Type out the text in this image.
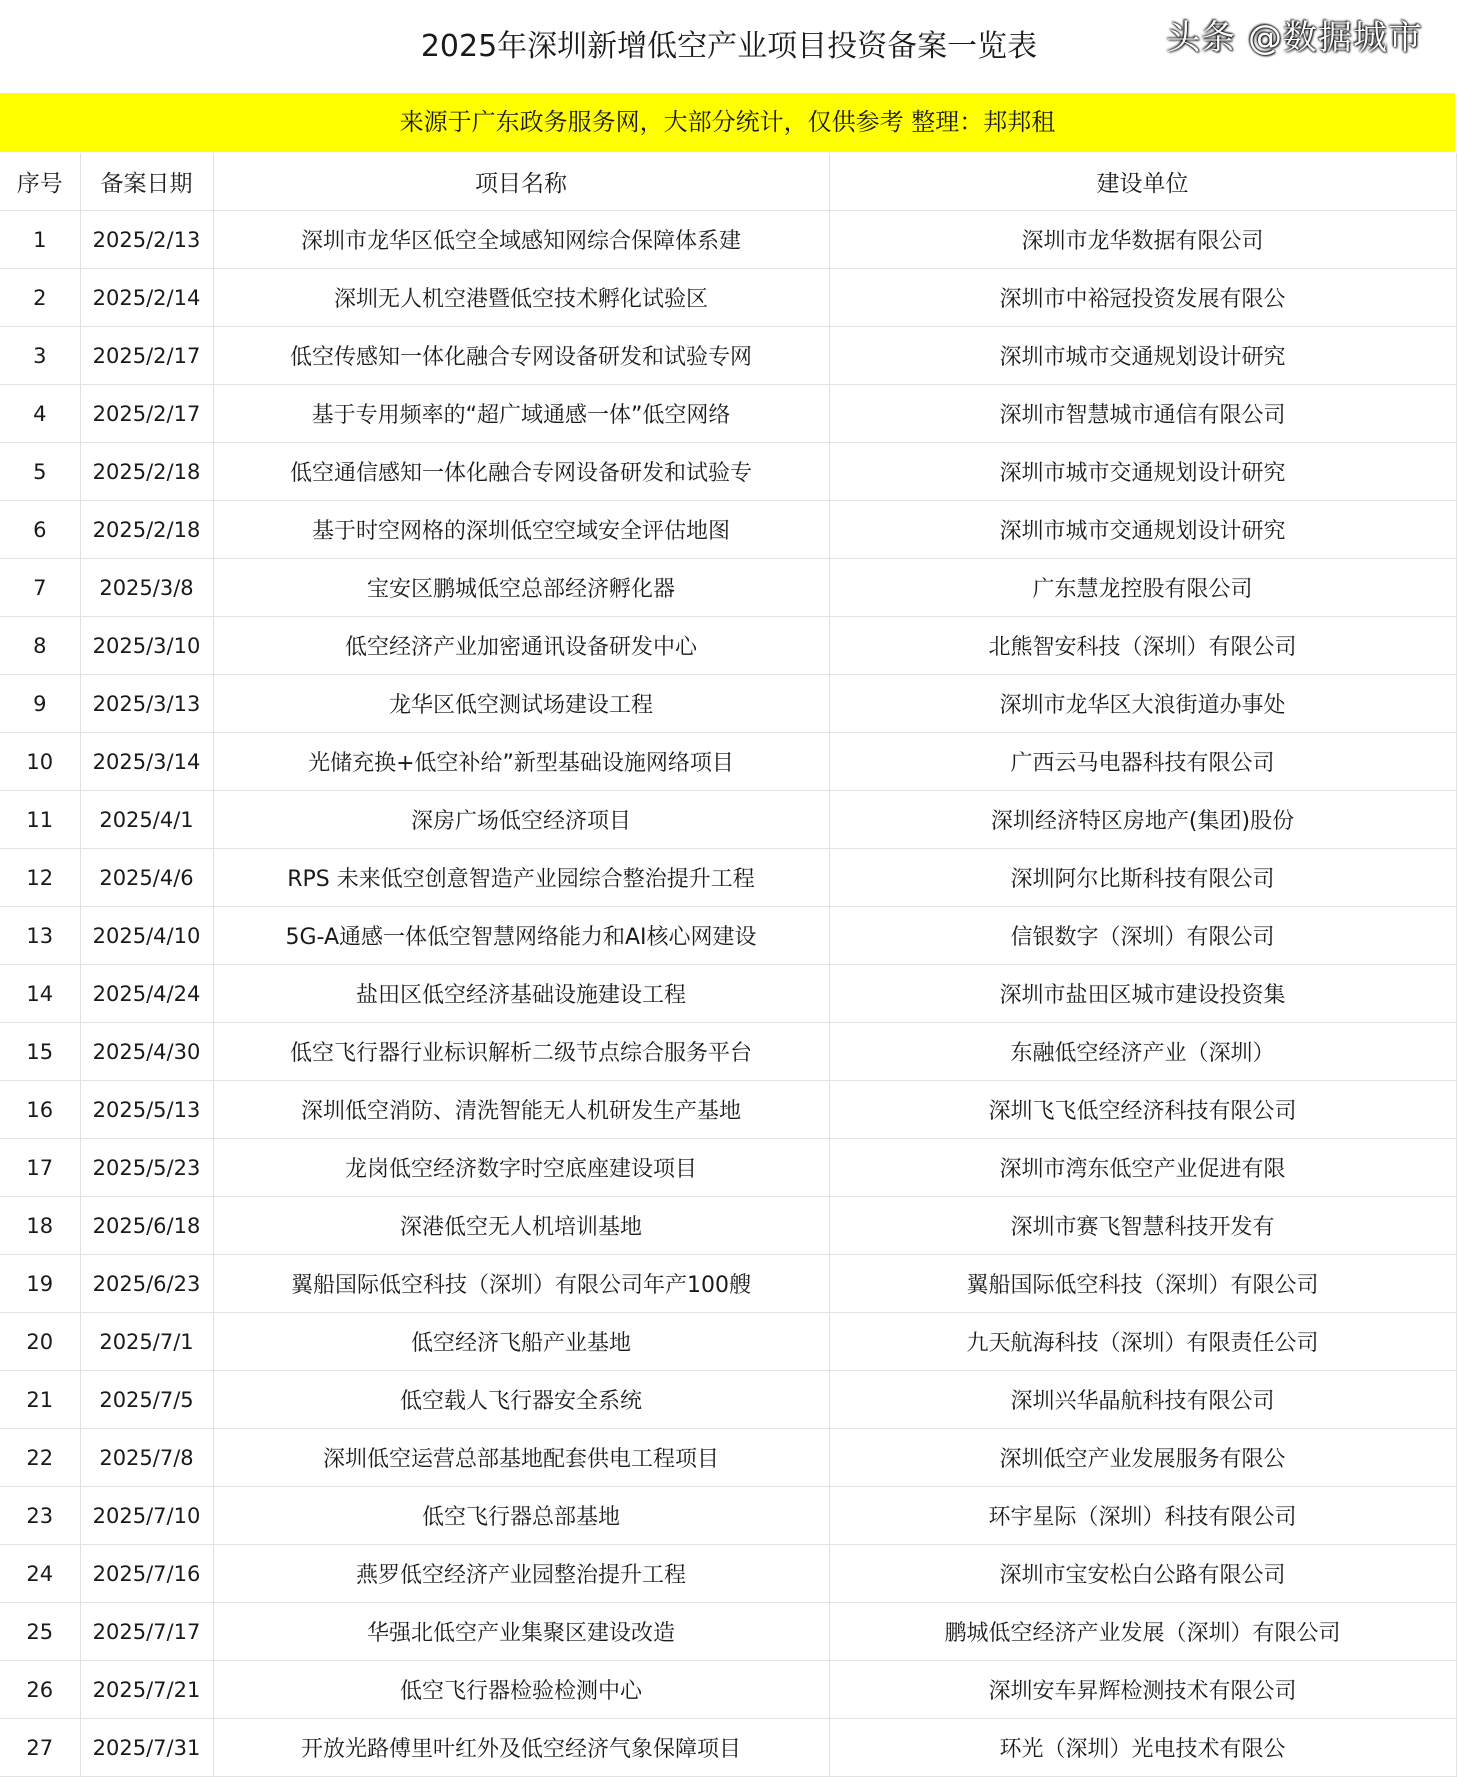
2025年深圳新增低空产业项目投资备案一览表
来源于广东政务服务网，大部分统计，仅供参考 整理：邦邦租
序号	备案日期	项目名称	建设单位
1	2025/2/13	深圳市龙华区低空全域感知网综合保障体系建	深圳市龙华数据有限公司
2	2025/2/14	深圳无人机空港暨低空技术孵化试验区	深圳市中裕冠投资发展有限公
3	2025/2/17	低空传感知一体化融合专网设备研发和试验专网	深圳市城市交通规划设计研究
4	2025/2/17	基于专用频率的“超广域通感一体”低空网络	深圳市智慧城市通信有限公司
5	2025/2/18	低空通信感知一体化融合专网设备研发和试验专	深圳市城市交通规划设计研究
6	2025/2/18	基于时空网格的深圳低空空域安全评估地图	深圳市城市交通规划设计研究
7	2025/3/8	宝安区鹏城低空总部经济孵化器	广东慧龙控股有限公司
8	2025/3/10	低空经济产业加密通讯设备研发中心	北熊智安科技（深圳）有限公司
9	2025/3/13	龙华区低空测试场建设工程	深圳市龙华区大浪街道办事处
10	2025/3/14	光储充换+低空补给”新型基础设施网络项目	广西云马电器科技有限公司
11	2025/4/1	深房广场低空经济项目	深圳经济特区房地产(集团)股份
12	2025/4/6	RPS 未来低空创意智造产业园综合整治提升工程	深圳阿尔比斯科技有限公司
13	2025/4/10	5G-A通感一体低空智慧网络能力和AI核心网建设	信银数字（深圳）有限公司
14	2025/4/24	盐田区低空经济基础设施建设工程	深圳市盐田区城市建设投资集
15	2025/4/30	低空飞行器行业标识解析二级节点综合服务平台	东融低空经济产业（深圳）
16	2025/5/13	深圳低空消防、清洗智能无人机研发生产基地	深圳飞飞低空经济科技有限公司
17	2025/5/23	龙岗低空经济数字时空底座建设项目	深圳市湾东低空产业促进有限
18	2025/6/18	深港低空无人机培训基地	深圳市赛飞智慧科技开发有
19	2025/6/23	翼船国际低空科技（深圳）有限公司年产100艘	翼船国际低空科技（深圳）有限公司
20	2025/7/1	低空经济飞船产业基地	九天航海科技（深圳）有限责任公司
21	2025/7/5	低空载人飞行器安全系统	深圳兴华晶航科技有限公司
22	2025/7/8	深圳低空运营总部基地配套供电工程项目	深圳低空产业发展服务有限公
23	2025/7/10	低空飞行器总部基地	环宇星际（深圳）科技有限公司
24	2025/7/16	燕罗低空经济产业园整治提升工程	深圳市宝安松白公路有限公司
25	2025/7/17	华强北低空产业集聚区建设改造	鹏城低空经济产业发展（深圳）有限公司
26	2025/7/21	低空飞行器检验检测中心	深圳安车昇辉检测技术有限公司
27	2025/7/31	开放光路傅里叶红外及低空经济气象保障项目	环光（深圳）光电技术有限公
头条 @数据城市
